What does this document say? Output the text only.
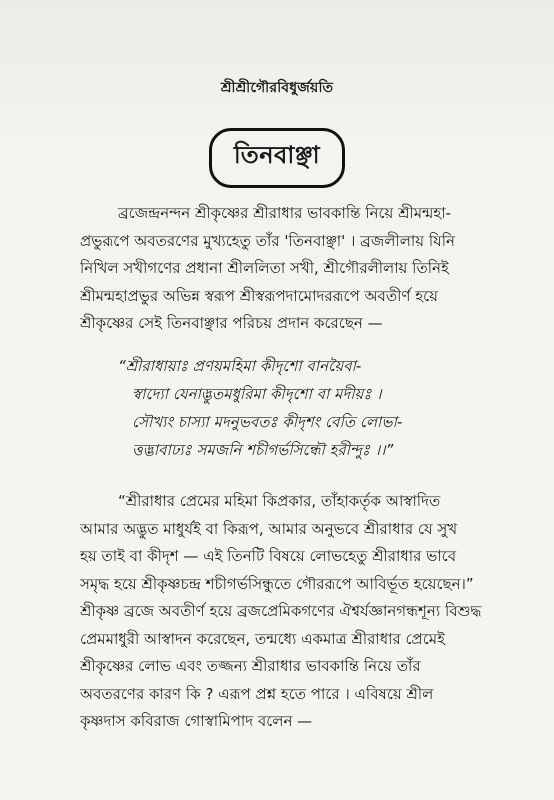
শ্রীশ্রীগৌরবিধুর্জয়তি
তিনবাঞ্ছা
ব্রজেন্দ্রনন্দন শ্রীকৃষ্ণের শ্রীরাধার ভাবকান্তি নিয়ে শ্রীমন্মহা-
প্রভুরূপে অবতরণের মুখ্যহেতু তাঁর 'তিনবাঞ্ছা' । ব্রজলীলায় যিনি
নিখিল সখীগণের প্রধানা শ্রীললিতা সখী, শ্রীগৌরলীলায় তিনিই
শ্রীমন্মহাপ্রভুর অভিন্ন স্বরূপ শ্রীস্বরূপদামোদররূপে অবতীর্ণ হয়ে
শ্রীকৃষ্ণের সেই তিনবাঞ্ছার পরিচয় প্রদান করেছেন —
“শ্রীরাধায়াঃ প্রণয়মহিমা কীদৃশো বানয়ৈবা-
স্বাদ্যো যেনাদ্ভুতমধুরিমা কীদৃশো বা মদীয়ঃ ।
সৌখ্যং চাস্যা মদনুভবতঃ কীদৃশং বেতি লোভা-
ত্তদ্ভাবাঢ্যঃ সমজনি শচীগর্ভসিন্ধৌ হরীন্দুঃ ।।”
“শ্রীরাধার প্রেমের মহিমা কিপ্রকার, তাঁহাকর্তৃক আস্বাদিত
আমার অদ্ভুত মাধুর্যই বা কিরূপ, আমার অনুভবে শ্রীরাধার যে সুখ
হয় তাই বা কীদৃশ — এই তিনটি বিষয়ে লোভহেতু শ্রীরাধার ভাবে
সমৃদ্ধ হয়ে শ্রীকৃষ্ণচন্দ্র শচীগর্ভসিন্ধুতে গৌররূপে আবির্ভূত হয়েছেন।”
শ্রীকৃষ্ণ ব্রজে অবতীর্ণ হয়ে ব্রজপ্রেমিকগণের ঐশ্বর্যজ্ঞানগন্ধশূন্য বিশুদ্ধ
প্রেমমাধুরী আস্বাদন করেছেন, তন্মধ্যে একমাত্র শ্রীরাধার প্রেমেই
শ্রীকৃষ্ণের লোভ এবং তজ্জন্য শ্রীরাধার ভাবকান্তি নিয়ে তাঁর
অবতরণের কারণ কি ? এরূপ প্রশ্ন হতে পারে । এবিষয়ে শ্রীল
কৃষ্ণদাস কবিরাজ গোস্বামিপাদ বলেন —
